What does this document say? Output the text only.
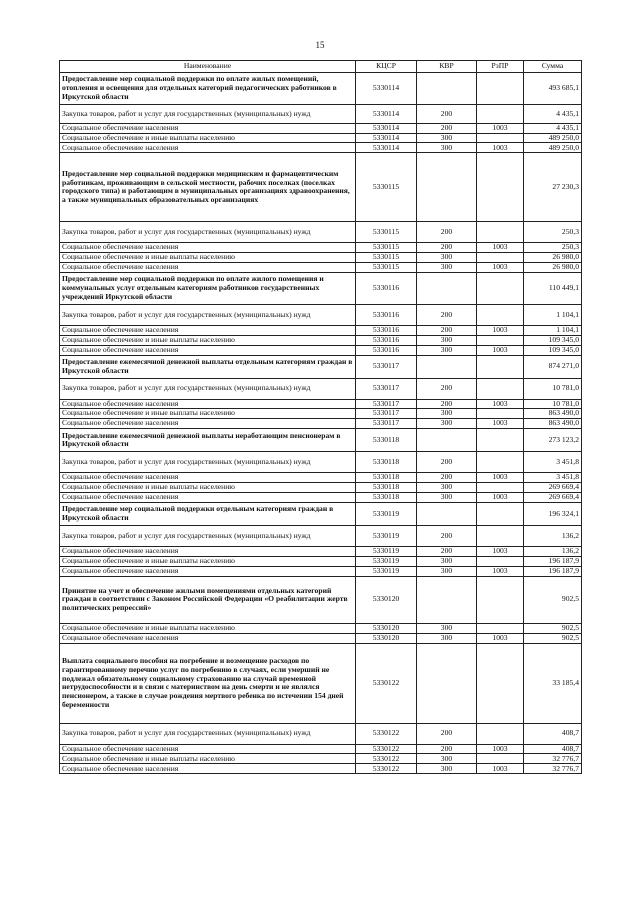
15
Наименование	КЦСР	КВР	РзПР	Сумма
Предоставление мер социальной поддержки по оплате жилых помещений, отопления и освещения для отдельных категорий педагогических работников в Иркутской области	5330114			493 685,1
Закупка товаров, работ и услуг для государственных (муниципальных) нужд	5330114	200		4 435,1
Социальное обеспечение населения	5330114	200	1003	4 435,1
Социальное обеспечение и иные выплаты населению	5330114	300		489 250,0
Социальное обеспечение населения	5330114	300	1003	489 250,0
Предоставление мер социальной поддержки медицинским и фармацевтическим работникам, проживающим в сельской местности, рабочих поселках (поселках городского типа) и работающим в муниципальных организациях здравоохранения, а также муниципальных образовательных организациях	5330115			27 230,3
Закупка товаров, работ и услуг для государственных (муниципальных) нужд	5330115	200		250,3
Социальное обеспечение населения	5330115	200	1003	250,3
Социальное обеспечение и иные выплаты населению	5330115	300		26 980,0
Социальное обеспечение населения	5330115	300	1003	26 980,0
Предоставление мер социальной поддержки по оплате жилого помещения и коммунальных услуг отдельным категориям работников государственных учреждений Иркутской области	5330116			110 449,1
Закупка товаров, работ и услуг для государственных (муниципальных) нужд	5330116	200		1 104,1
Социальное обеспечение населения	5330116	200	1003	1 104,1
Социальное обеспечение и иные выплаты населению	5330116	300		109 345,0
Социальное обеспечение населения	5330116	300	1003	109 345,0
Предоставление ежемесячной денежной выплаты отдельным категориям граждан в Иркутской области	5330117			874 271,0
Закупка товаров, работ и услуг для государственных (муниципальных) нужд	5330117	200		10 781,0
Социальное обеспечение населения	5330117	200	1003	10 781,0
Социальное обеспечение и иные выплаты населению	5330117	300		863 490,0
Социальное обеспечение населения	5330117	300	1003	863 490,0
Предоставление ежемесячной денежной выплаты неработающим пенсионерам в Иркутской области	5330118			273 123,2
Закупка товаров, работ и услуг для государственных (муниципальных) нужд	5330118	200		3 451,8
Социальное обеспечение населения	5330118	200	1003	3 451,8
Социальное обеспечение и иные выплаты населению	5330118	300		269 669,4
Социальное обеспечение населения	5330118	300	1003	269 669,4
Предоставление мер социальной поддержки отдельным категориям граждан в Иркутской области	5330119			196 324,1
Закупка товаров, работ и услуг для государственных (муниципальных) нужд	5330119	200		136,2
Социальное обеспечение населения	5330119	200	1003	136,2
Социальное обеспечение и иные выплаты населению	5330119	300		196 187,9
Социальное обеспечение населения	5330119	300	1003	196 187,9
Принятие на учет и обеспечение жилыми помещениями отдельных категорий граждан в соответствии с Законом Российской Федерации «О реабилитации жертв политических репрессий»	5330120			902,5
Социальное обеспечение и иные выплаты населению	5330120	300		902,5
Социальное обеспечение населения	5330120	300	1003	902,5
Выплата социального пособия на погребение и возмещение расходов по гарантированному перечню услуг по погребению в случаях, если умерший не подлежал обязательному социальному страхованию на случай временной нетрудоспособности и в связи с материнством на день смерти и не являлся пенсионером, а также в случае рождения мертвого ребенка по истечении 154 дней беременности	5330122			33 185,4
Закупка товаров, работ и услуг для государственных (муниципальных) нужд	5330122	200		408,7
Социальное обеспечение населения	5330122	200	1003	408,7
Социальное обеспечение и иные выплаты населению	5330122	300		32 776,7
Социальное обеспечение населения	5330122	300	1003	32 776,7
